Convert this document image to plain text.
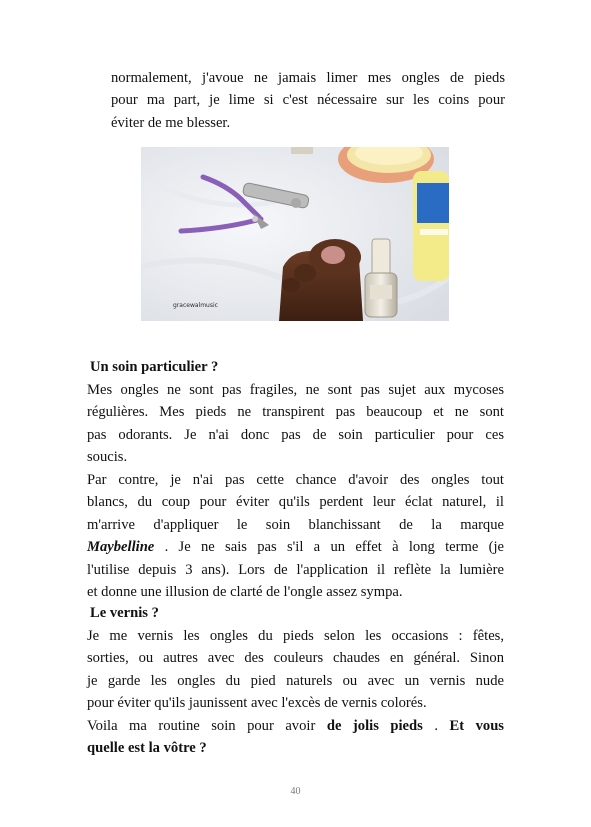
normalement, j'avoue ne jamais limer mes ongles de pieds
pour ma part, je lime si c'est nécessaire sur les coins pour
éviter de me blesser.
gracewalmusic
Un soin particulier ?
Mes ongles ne sont pas fragiles, ne sont pas sujet aux mycoses
régulières. Mes pieds ne transpirent pas beaucoup et ne sont
pas odorants. Je n'ai donc pas de soin particulier pour ces
soucis.
Par contre, je n'ai pas cette chance d'avoir des ongles tout
blancs, du coup pour éviter qu'ils perdent leur éclat naturel, il
m'arrive d'appliquer le soin blanchissant de la marque
Maybelline . Je ne sais pas s'il a un effet à long terme (je
l'utilise depuis 3 ans). Lors de l'application il reflète la lumière
et donne une illusion de clarté de l'ongle assez sympa.
Le vernis ?
Je me vernis les ongles du pieds selon les occasions : fêtes,
sorties, ou autres avec des couleurs chaudes en général. Sinon
je garde les ongles du pied naturels ou avec un vernis nude
pour éviter qu'ils jaunissent avec l'excès de vernis colorés.
Voila ma routine soin pour avoir de jolis pieds . Et vous
quelle est la vôtre ?
40
